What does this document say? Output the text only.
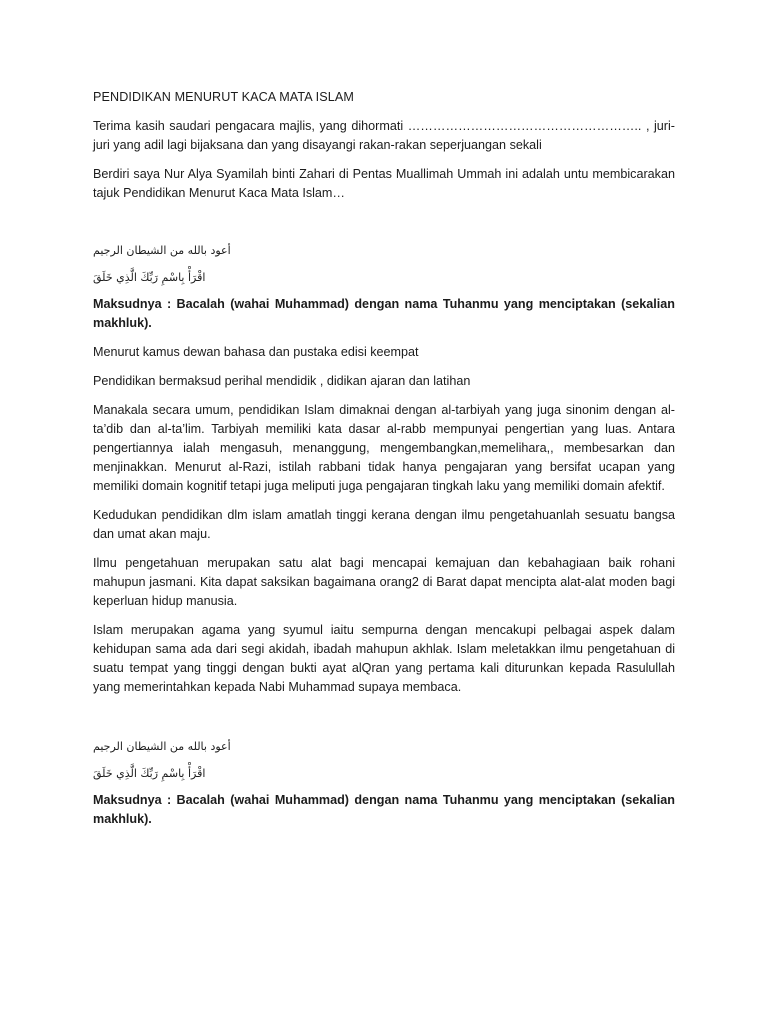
PENDIDIKAN MENURUT KACA MATA ISLAM

Terima kasih saudari pengacara majlis, yang dihormati ……………………………………………….. , juri-juri yang adil lagi bijaksana dan yang disayangi rakan-rakan seperjuangan sekali

Berdiri saya Nur Alya Syamilah binti Zahari di Pentas Muallimah Ummah ini adalah untu membicarakan tajuk Pendidikan Menurut Kaca Mata Islam…

أعود بالله من الشيطان الرجيم
اقْرَأْ بِاسْمِ رَبِّكَ الَّذِي خَلَقَ

Maksudnya : Bacalah (wahai Muhammad) dengan nama Tuhanmu yang menciptakan (sekalian makhluk).

Menurut kamus dewan bahasa dan pustaka edisi keempat

Pendidikan bermaksud perihal mendidik , didikan ajaran dan latihan

Manakala secara umum, pendidikan Islam dimaknai dengan al-tarbiyah yang juga sinonim dengan al-ta’dib dan al-ta’lim. Tarbiyah memiliki kata dasar al-rabb mempunyai pengertian yang luas. Antara pengertiannya ialah mengasuh, menanggung, mengembangkan,memelihara,, membesarkan dan menjinakkan. Menurut al-Razi, istilah rabbani tidak hanya pengajaran yang bersifat ucapan yang memiliki domain kognitif tetapi juga meliputi juga pengajaran tingkah laku yang memiliki domain afektif.

Kedudukan pendidikan dlm islam amatlah tinggi kerana dengan ilmu pengetahuanlah sesuatu bangsa dan umat akan maju.

Ilmu pengetahuan merupakan satu alat bagi mencapai kemajuan dan kebahagiaan baik rohani mahupun jasmani. Kita dapat saksikan bagaimana orang2 di Barat dapat mencipta alat-alat moden bagi keperluan hidup manusia.

Islam merupakan agama yang syumul iaitu sempurna dengan mencakupi pelbagai aspek dalam kehidupan sama ada dari segi akidah, ibadah mahupun akhlak. Islam meletakkan ilmu pengetahuan di suatu tempat yang tinggi dengan bukti ayat alQran yang pertama kali diturunkan kepada Rasulullah yang memerintahkan kepada Nabi Muhammad supaya membaca.

أعود بالله من الشيطان الرجيم
اقْرَأْ بِاسْمِ رَبِّكَ الَّذِي خَلَقَ

Maksudnya : Bacalah (wahai Muhammad) dengan nama Tuhanmu yang menciptakan (sekalian makhluk).
